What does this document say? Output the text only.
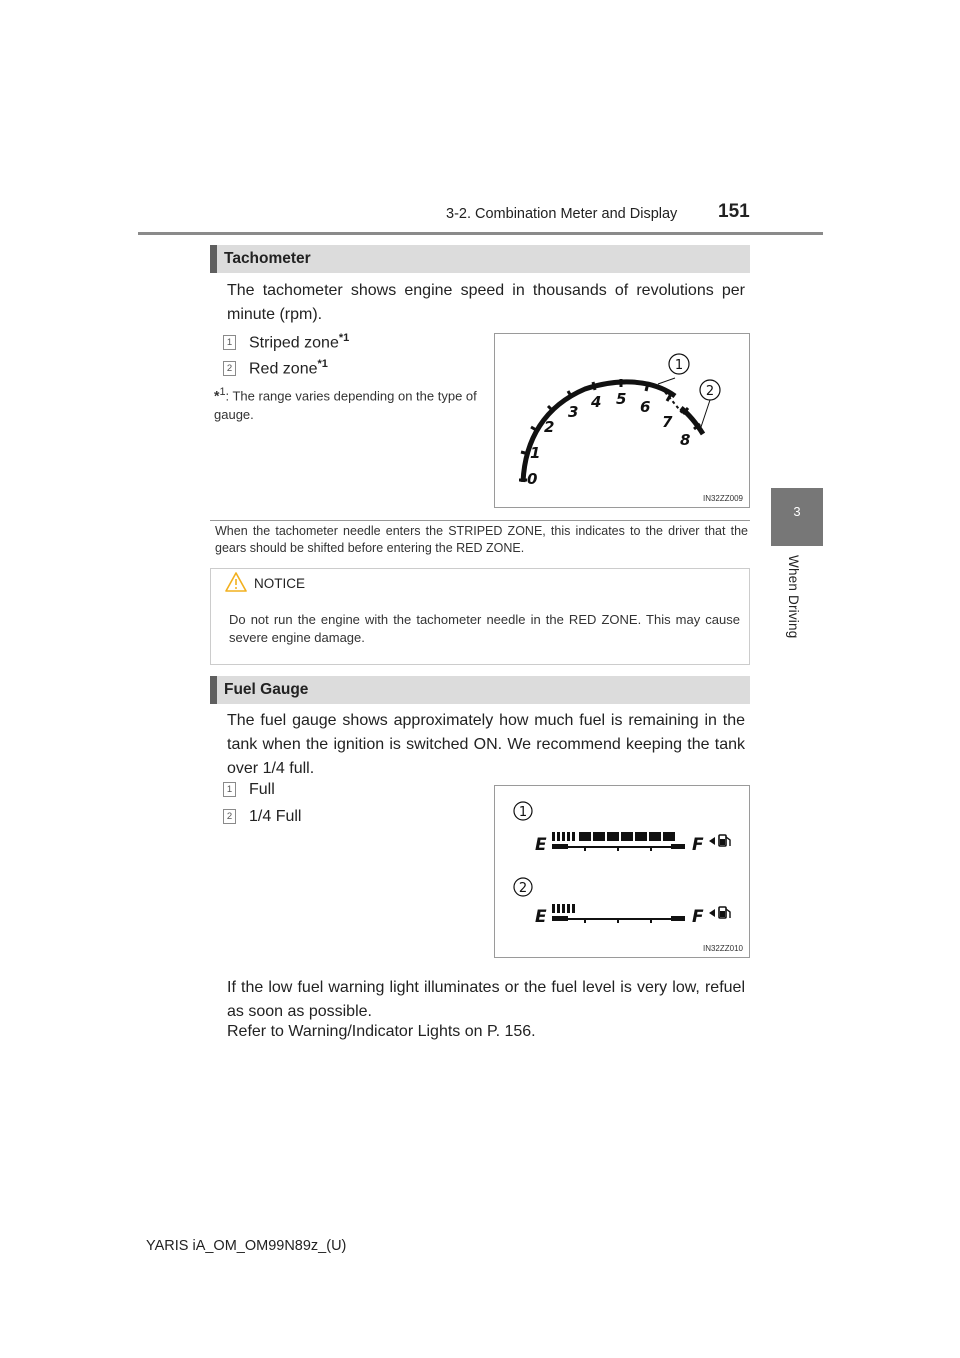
3-2. Combination Meter and Display 151
3
When Driving
Tachometer
The tachometer shows engine speed in thousands of revolutions per minute (rpm).
1 Striped zone$^{*1}$
2 Red zone$^{*1}$
*$^1$: The range varies depending on the type of gauge.
0
1
2
3
4 5 6
7
8
1
2
IN32ZZ009
When the tachometer needle enters the STRIPED ZONE, this indicates to the driver that the gears should be shifted before entering the RED ZONE.
NOTICE
Do not run the engine with the tachometer needle in the RED ZONE. This may cause severe engine damage.
Fuel Gauge
The fuel gauge shows approximately how much fuel is remaining in the tank when the ignition is switched ON. We recommend keeping the tank over 1/4 full.
1 Full
2 1/4 Full	1
E	F
2
E	F
IN32ZZ010
If the low fuel warning light illuminates or the fuel level is very low, refuel as soon as possible.
Refer to Warning/Indicator Lights on P. 156.
YARIS iA_OM_OM99N89z_(U)
